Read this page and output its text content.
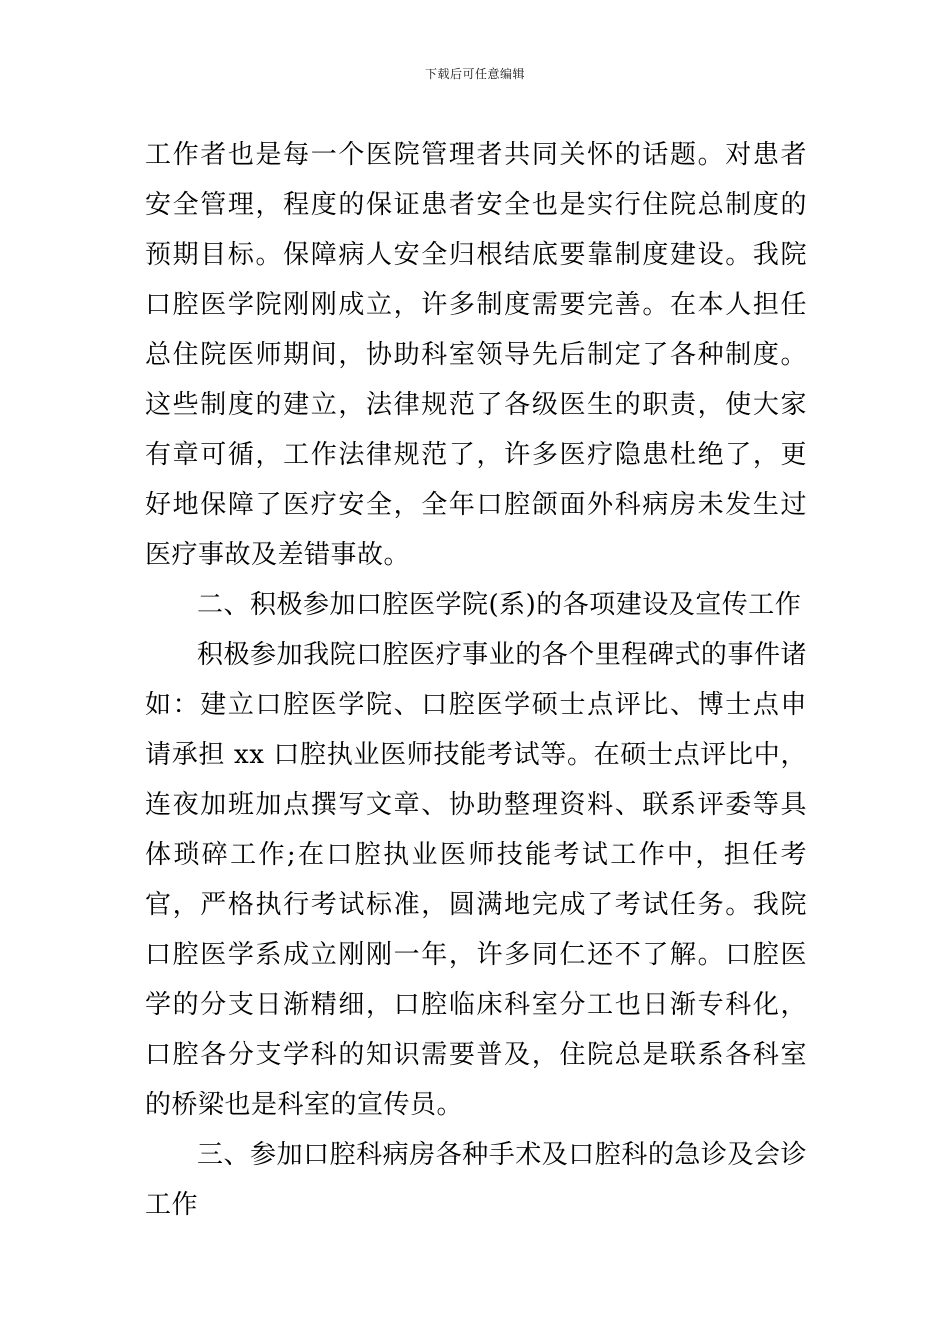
下载后可任意编辑

工作者也是每一个医院管理者共同关怀的话题。对患者安全管理，程度的保证患者安全也是实行住院总制度的预期目标。保障病人安全归根结底要靠制度建设。我院口腔医学院刚刚成立，许多制度需要完善。在本人担任总住院医师期间，协助科室领导先后制定了各种制度。这些制度的建立，法律规范了各级医生的职责，使大家有章可循，工作法律规范了，许多医疗隐患杜绝了，更好地保障了医疗安全，全年口腔颌面外科病房未发生过医疗事故及差错事故。

二、积极参加口腔医学院(系)的各项建设及宣传工作

积极参加我院口腔医疗事业的各个里程碑式的事件诸如：建立口腔医学院、口腔医学硕士点评比、博士点申请承担 xx 口腔执业医师技能考试等。在硕士点评比中，连夜加班加点撰写文章、协助整理资料、联系评委等具体琐碎工作;在口腔执业医师技能考试工作中，担任考官，严格执行考试标准，圆满地完成了考试任务。我院口腔医学系成立刚刚一年，许多同仁还不了解。口腔医学的分支日渐精细，口腔临床科室分工也日渐专科化，口腔各分支学科的知识需要普及，住院总是联系各科室的桥梁也是科室的宣传员。

三、参加口腔科病房各种手术及口腔科的急诊及会诊工作
